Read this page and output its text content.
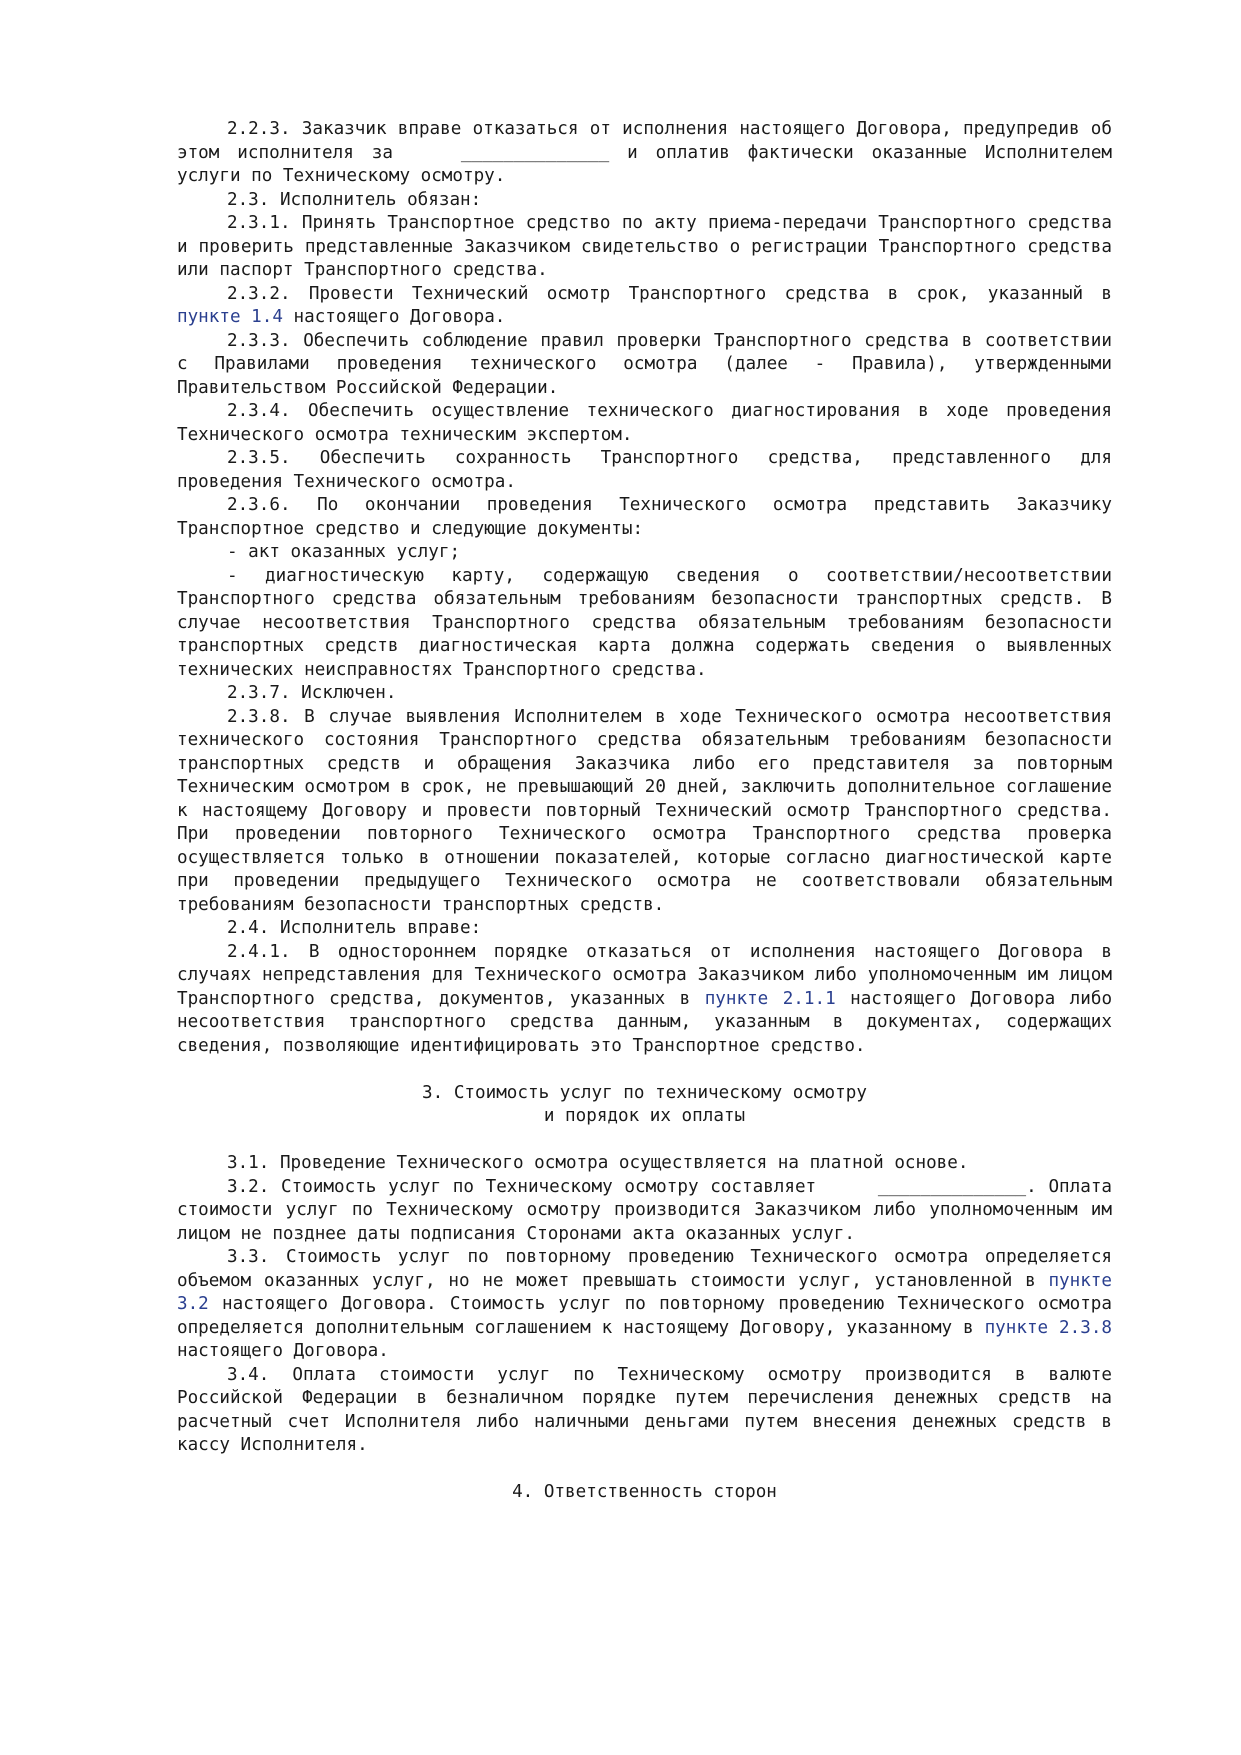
2.2.3. Заказчик вправе отказаться от исполнения настоящего Договора, предупредив об этом исполнителя за	______________ и оплатив фактически оказанные Исполнителем услуги по Техническому осмотру.

2.3. Исполнитель обязан:

2.3.1. Принять Транспортное средство по акту приема-передачи Транспортного средства и проверить представленные Заказчиком свидетельство о регистрации Транспортного средства или паспорт Транспортного средства.

2.3.2. Провести Технический осмотр Транспортного средства в срок, указанный в пункте 1.4 настоящего Договора.

2.3.3. Обеспечить соблюдение правил проверки Транспортного средства в соответствии с Правилами проведения технического осмотра (далее - Правила), утвержденными Правительством Российской Федерации.

2.3.4. Обеспечить осуществление технического диагностирования в ходе проведения Технического осмотра техническим экспертом.

2.3.5. Обеспечить сохранность Транспортного средства, представленного для проведения Технического осмотра.

2.3.6. По окончании проведения Технического осмотра представить Заказчику Транспортное средство и следующие документы:

- акт оказанных услуг;

- диагностическую карту, содержащую сведения о соответствии/несоответствии Транспортного средства обязательным требованиям безопасности транспортных средств. В случае несоответствия Транспортного средства обязательным требованиям безопасности транспортных средств диагностическая карта должна содержать сведения о выявленных технических неисправностях Транспортного средства.

2.3.7. Исключен.

2.3.8. В случае выявления Исполнителем в ходе Технического осмотра несоответствия технического состояния Транспортного средства обязательным требованиям безопасности транспортных средств и обращения Заказчика либо его представителя за повторным Техническим осмотром в срок, не превышающий 20 дней, заключить дополнительное соглашение к настоящему Договору и провести повторный Технический осмотр Транспортного средства. При проведении повторного Технического осмотра Транспортного средства проверка осуществляется только в отношении показателей, которые согласно диагностической карте при проведении предыдущего Технического осмотра не соответствовали обязательным требованиям безопасности транспортных средств.

2.4. Исполнитель вправе:

2.4.1. В одностороннем порядке отказаться от исполнения настоящего Договора в случаях непредставления для Технического осмотра Заказчиком либо уполномоченным им лицом Транспортного средства, документов, указанных в пункте 2.1.1 настоящего Договора либо несоответствия транспортного средства данным, указанным в документах, содержащих сведения, позволяющие идентифицировать это Транспортное средство.

3. Стоимость услуг по техническому осмотру

и порядок их оплаты

3.1. Проведение Технического осмотра осуществляется на платной основе.

3.2. Стоимость услуг по Техническому осмотру составляет	______________. Оплата стоимости услуг по Техническому осмотру производится Заказчиком либо уполномоченным им лицом не позднее даты подписания Сторонами акта оказанных услуг.

3.3. Стоимость услуг по повторному проведению Технического осмотра определяется объемом оказанных услуг, но не может превышать стоимости услуг, установленной в пункте 3.2 настоящего Договора. Стоимость услуг по повторному проведению Технического осмотра определяется дополнительным соглашением к настоящему Договору, указанному в пункте 2.3.8 настоящего Договора.

3.4. Оплата стоимости услуг по Техническому осмотру производится в валюте Российской Федерации в безналичном порядке путем перечисления денежных средств на расчетный счет Исполнителя либо наличными деньгами путем внесения денежных средств в кассу Исполнителя.

4. Ответственность сторон
